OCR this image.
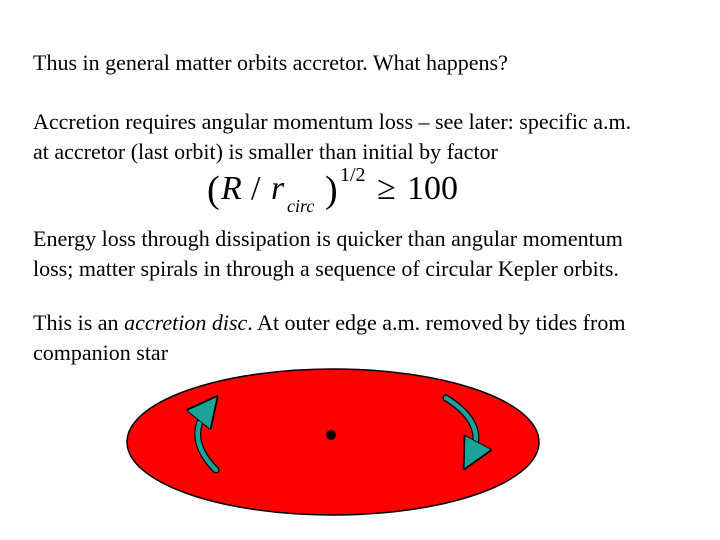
Thus in general matter orbits accretor. What happens?

Accretion requires angular momentum loss – see later: specific a.m.
at accretor (last orbit) is smaller than initial by factor

( R / r circ ) 1/2 ≥ 100

Energy loss through dissipation is quicker than angular momentum
loss; matter spirals in through a sequence of circular Kepler orbits.

This is an accretion disc. At outer edge a.m. removed by tides from
companion star
